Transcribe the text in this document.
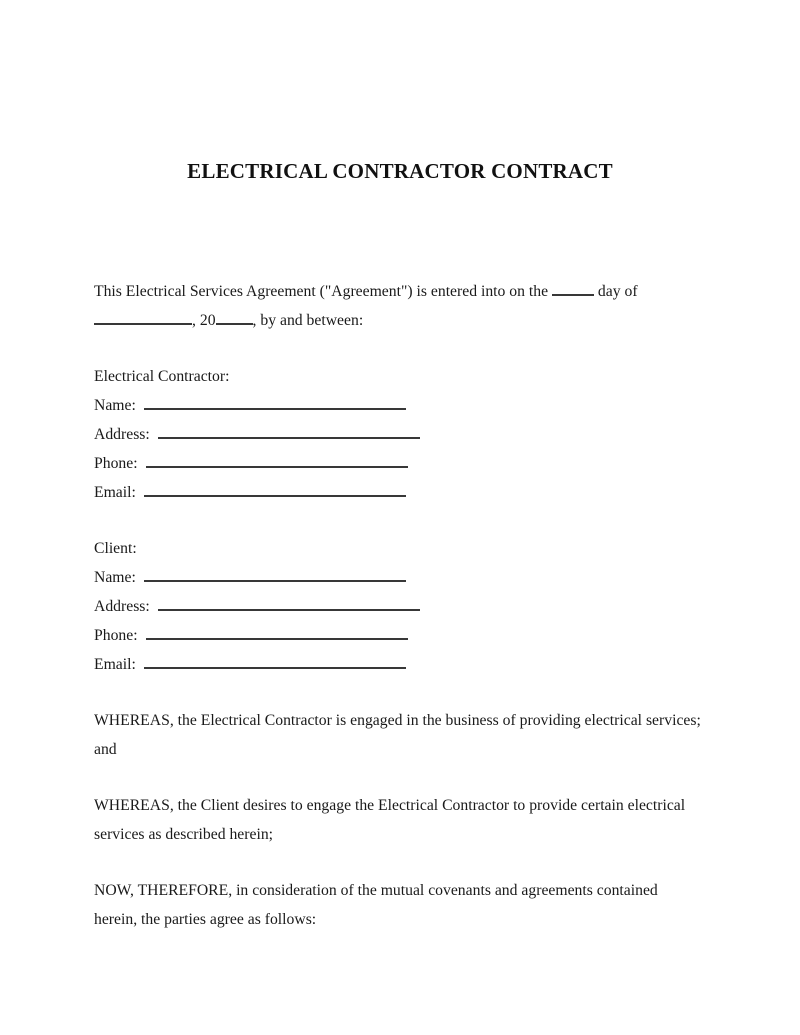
ELECTRICAL CONTRACTOR CONTRACT

This Electrical Services Agreement ("Agreement") is entered into on the	day of
, 20 , by and between:

Electrical Contractor:
Name:
Address:
Phone:
Email:
Client:
Name:
Address:
Phone:
Email:

WHEREAS, the Electrical Contractor is engaged in the business of providing electrical services;
and

WHEREAS, the Client desires to engage the Electrical Contractor to provide certain electrical
services as described herein;

NOW, THEREFORE, in consideration of the mutual covenants and agreements contained
herein, the parties agree as follows:
